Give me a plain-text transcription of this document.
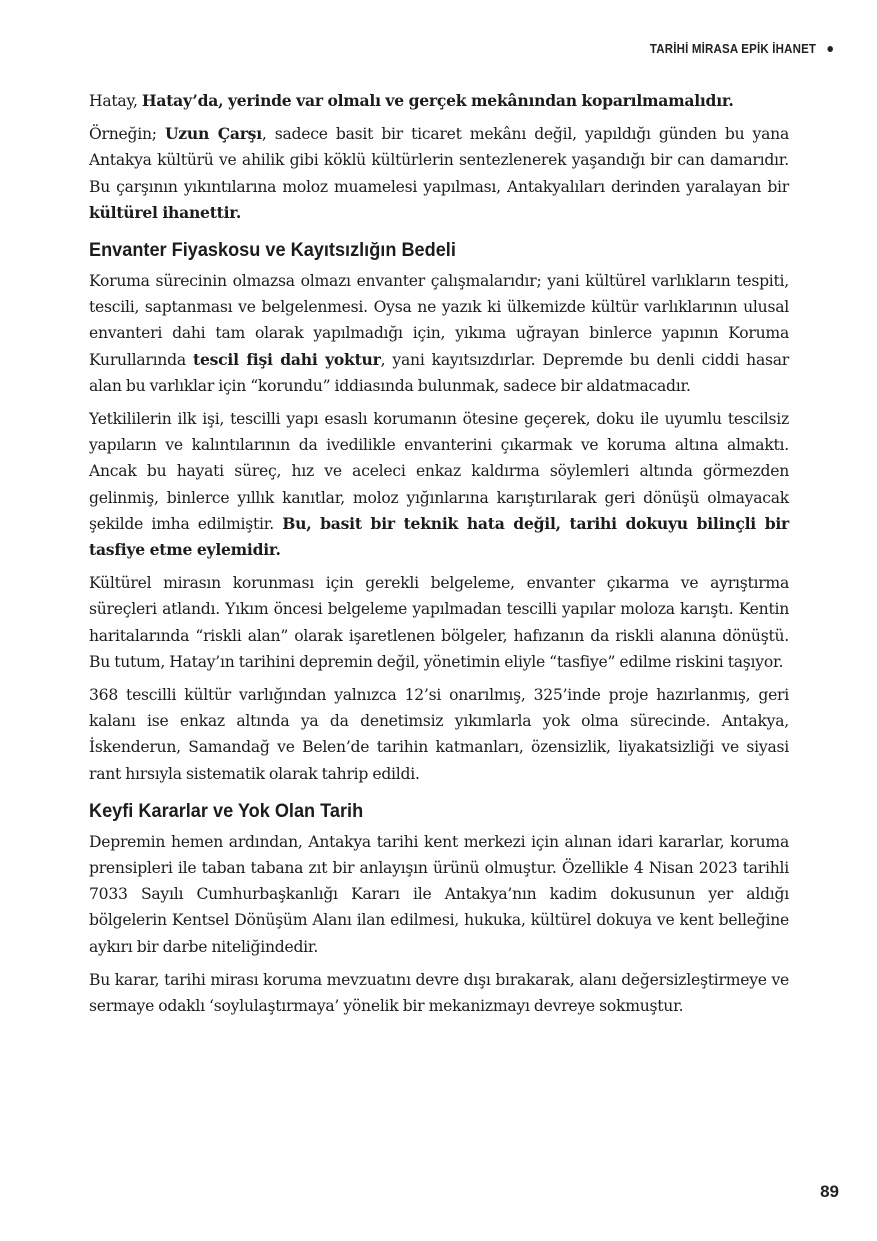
TARİHİ MİRASA EPİK İHANET

Hatay, Hatay’da, yerinde var olmalı ve gerçek mekânından koparılmamalıdır.

Örneğin; Uzun Çarşı, sadece basit bir ticaret mekânı değil, yapıldığı günden bu yana Antakya kültürü ve ahilik gibi köklü kültürlerin sentezlenerek yaşandığı bir can damarıdır. Bu çarşının yıkıntılarına moloz muamelesi yapılması, Antakyalıları derinden yaralayan bir kültürel ihanettir.

Envanter Fiyaskosu ve Kayıtsızlığın Bedeli

Koruma sürecinin olmazsa olmazı envanter çalışmalarıdır; yani kültürel varlıkların tespiti, tescili, saptanması ve belgelenmesi. Oysa ne yazık ki ülkemizde kültür varlıklarının ulusal envanteri dahi tam olarak yapılmadığı için, yıkıma uğrayan binlerce yapının Koruma Kurullarında tescil fişi dahi yoktur, yani kayıtsızdırlar. Depremde bu denli ciddi hasar alan bu varlıklar için “korundu” iddiasında bulunmak, sadece bir aldatmacadır.

Yetkililerin ilk işi, tescilli yapı esaslı korumanın ötesine geçerek, doku ile uyumlu tescilsiz yapıların ve kalıntılarının da ivedilikle envanterini çıkarmak ve koruma altına almaktı. Ancak bu hayati süreç, hız ve aceleci enkaz kaldırma söylemleri altında görmezden gelinmiş, binlerce yıllık kanıtlar, moloz yığınlarına karıştırılarak geri dönüşü olmayacak şekilde imha edilmiştir. Bu, basit bir teknik hata değil, tarihi dokuyu bilinçli bir tasfiye etme eylemidir.

Kültürel mirasın korunması için gerekli belgeleme, envanter çıkarma ve ayrıştırma süreçleri atlandı. Yıkım öncesi belgeleme yapılmadan tescilli yapılar moloza karıştı. Kentin haritalarında “riskli alan” olarak işaretlenen bölgeler, hafızanın da riskli alanına dönüştü. Bu tutum, Hatay’ın tarihini depremin değil, yönetimin eliyle “tasfiye” edilme riskini taşıyor.

368 tescilli kültür varlığından yalnızca 12’si onarılmış, 325’inde proje hazırlanmış, geri kalanı ise enkaz altında ya da denetimsiz yıkımlarla yok olma sürecinde. Antakya, İskenderun, Samandağ ve Belen’de tarihin katmanları, özensizlik, liyakatsizliği ve siyasi rant hırsıyla sistematik olarak tahrip edildi.

Keyfi Kararlar ve Yok Olan Tarih

Depremin hemen ardından, Antakya tarihi kent merkezi için alınan idari kararlar, koruma prensipleri ile taban tabana zıt bir anlayışın ürünü olmuştur. Özellikle 4 Nisan 2023 tarihli 7033 Sayılı Cumhurbaşkanlığı Kararı ile Antakya’nın kadim dokusunun yer aldığı bölgelerin Kentsel Dönüşüm Alanı ilan edilmesi, hukuka, kültürel dokuya ve kent belleğine aykırı bir darbe niteliğindedir.

Bu karar, tarihi mirası koruma mevzuatını devre dışı bırakarak, alanı değersizleştirmeye ve sermaye odaklı ‘soylulaştırmaya’ yönelik bir mekanizmayı devreye sokmuştur.

89
